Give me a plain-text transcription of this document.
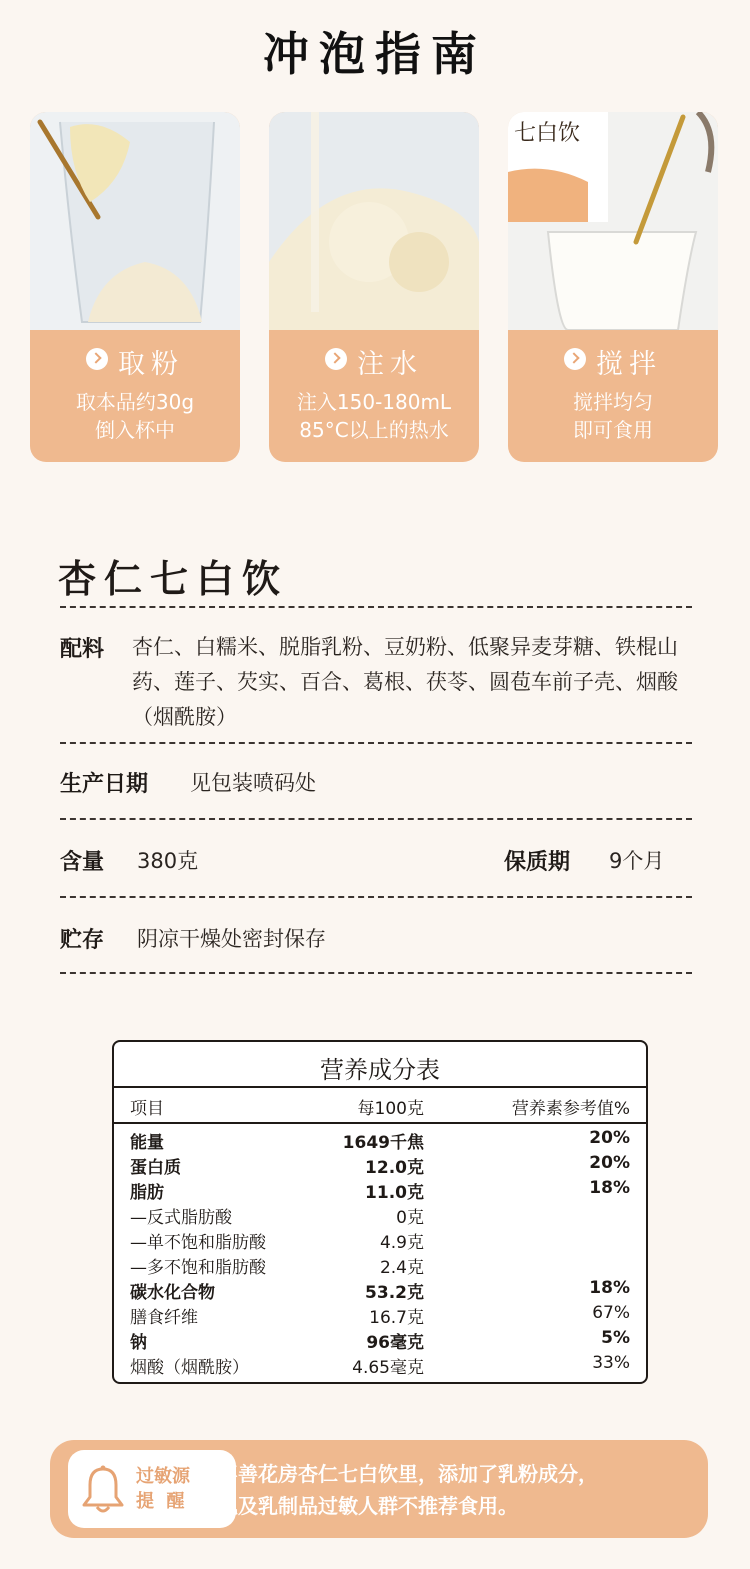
冲泡指南
取粉
取本品约30g
倒入杯中
注水
注入150-180mL
85°C以上的热水
七白饮
搅拌
搅拌均匀
即可食用
杏仁七白饮
配料 杏仁、白糯米、脱脂乳粉、豆奶粉、低聚异麦芽糖、铁棍山药、莲子、芡实、百合、葛根、茯苓、圆苞车前子壳、烟酸（烟酰胺）
生产日期 见包装喷码处
含量 380克	保质期 9个月
贮存 阴凉干燥处密封保存
营养成分表
项目	每100克	营养素参考值%
能量	1649千焦	20%
蛋白质	12.0克	20%
脂肪	11.0克	18%
—反式脂肪酸	0克
—单不饱和脂肪酸	4.9克
—多不饱和脂肪酸	2.4克
碳水化合物	53.2克	18%
膳食纤维	16.7克	67%
钠	96毫克	5%
烟酸（烟酰胺）	4.65毫克	33%
过敏源
提  醒
喜善花房杏仁七白饮里，添加了乳粉成分，
乳及乳制品过敏人群不推荐食用。
